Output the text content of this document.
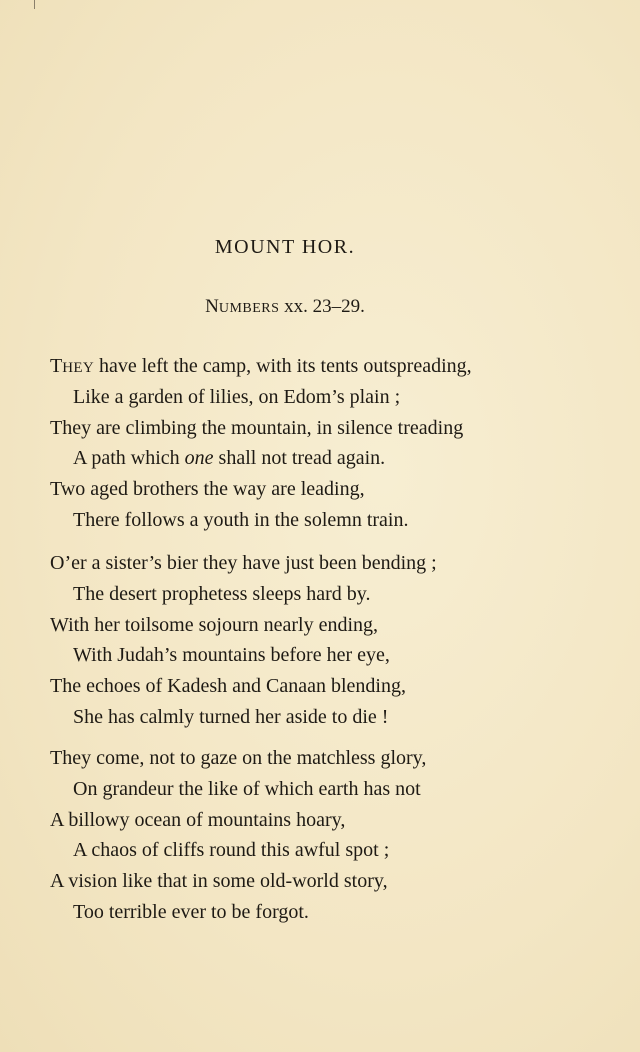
MOUNT HOR.
NUMBERS xx. 23–29.
THEY have left the camp, with its tents outspreading,
Like a garden of lilies, on Edom’s plain ;
They are climbing the mountain, in silence treading
A path which one shall not tread again.
Two aged brothers the way are leading,
There follows a youth in the solemn train.
O’er a sister’s bier they have just been bending ;
The desert prophetess sleeps hard by.
With her toilsome sojourn nearly ending,
With Judah’s mountains before her eye,
The echoes of Kadesh and Canaan blending,
She has calmly turned her aside to die !
They come, not to gaze on the matchless glory,
On grandeur the like of which earth has not
A billowy ocean of mountains hoary,
A chaos of cliffs round this awful spot ;
A vision like that in some old-world story,
Too terrible ever to be forgot.
